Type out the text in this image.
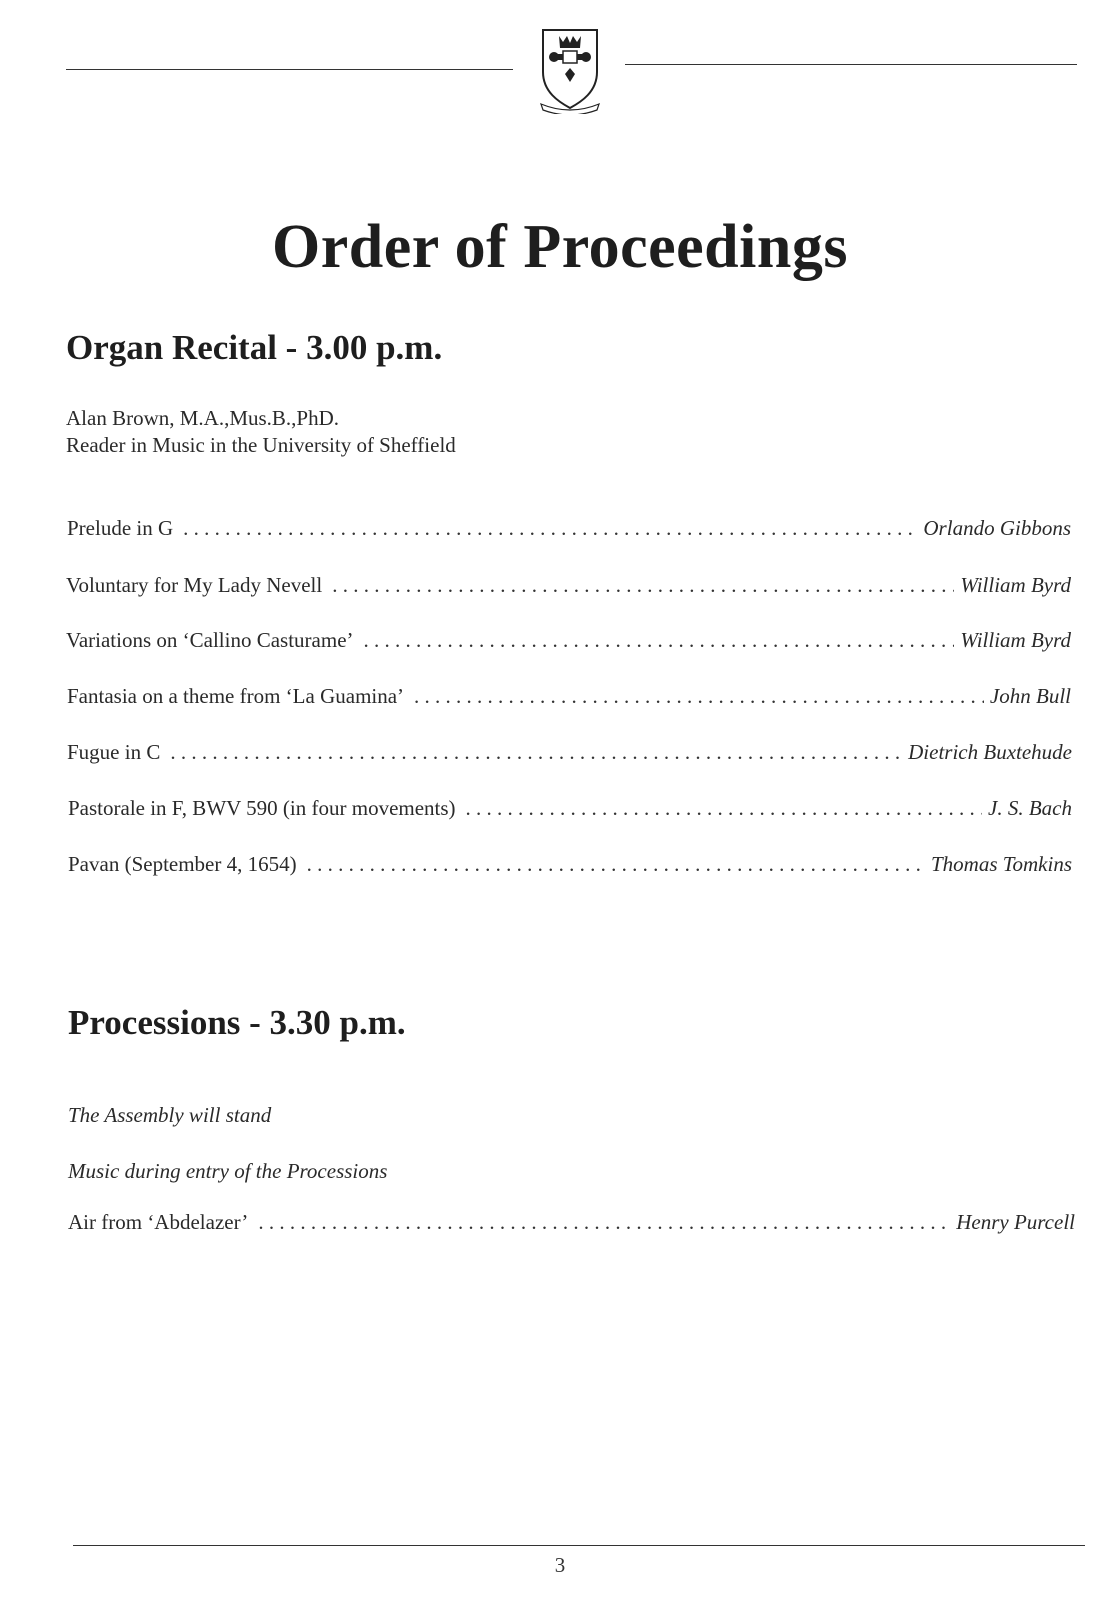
Order of Proceedings
Organ Recital - 3.00 p.m.
Alan Brown, M.A.,Mus.B.,PhD.
Reader in Music in the University of Sheffield
Prelude in G . . .	Orlando Gibbons
Voluntary for My Lady Nevell . . .	William Byrd
Variations on ‘Callino Casturame’ . . .	William Byrd
Fantasia on a theme from ‘La Guamina’ . . .	John Bull
Fugue in C . . .	Dietrich Buxtehude
Pastorale in F, BWV 590 (in four movements) . . .	J. S. Bach
Pavan (September 4, 1654) . . .	Thomas Tomkins
Processions - 3.30 p.m.
The Assembly will stand
Music during entry of the Processions
Air from ‘Abdelazer’ . . .	Henry Purcell
3
